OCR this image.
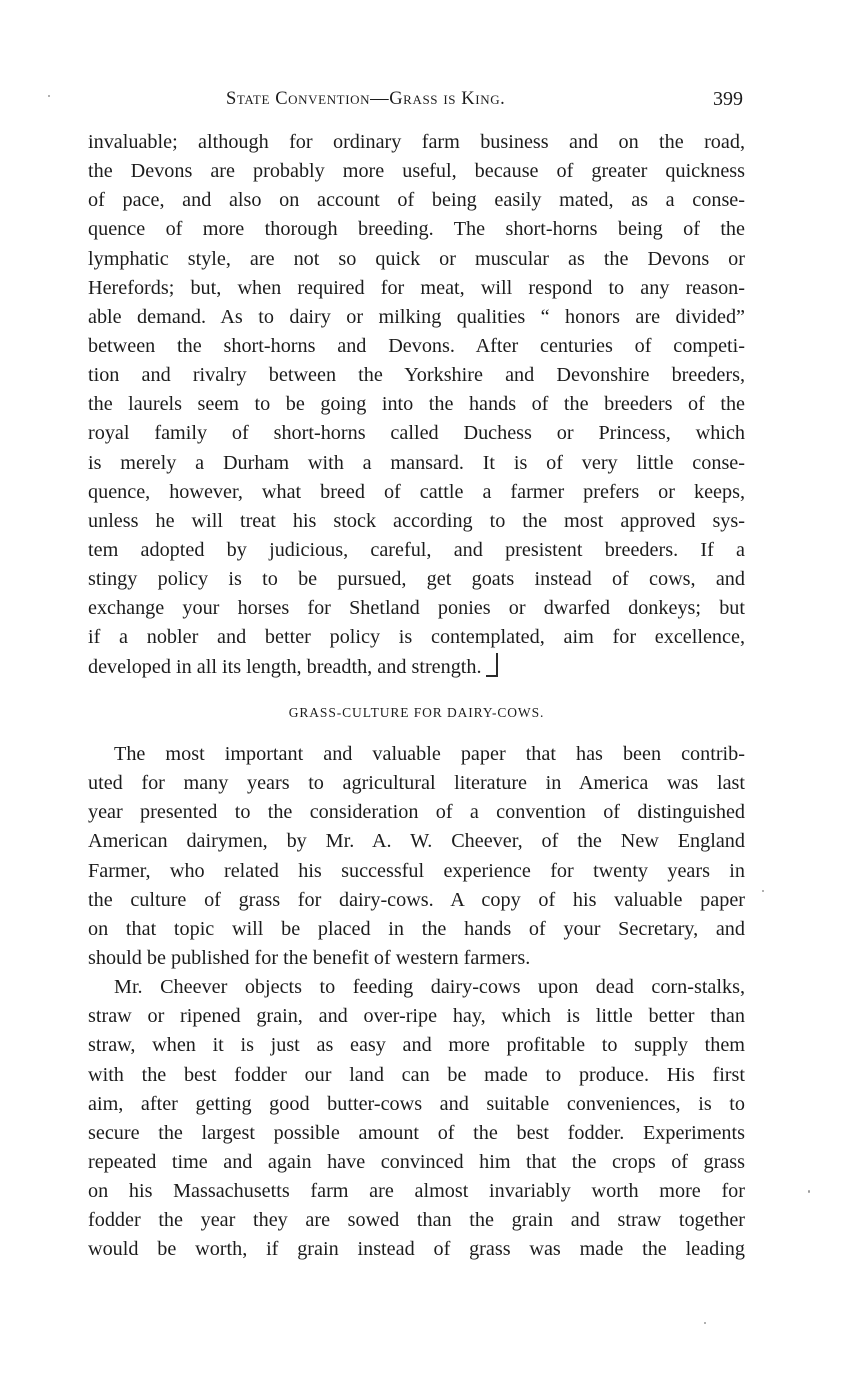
State Convention—Grass is King.	399
invaluable; although for ordinary farm business and on the road,
the Devons are probably more useful, because of greater quickness
of pace, and also on account of being easily mated, as a conse-
quence of more thorough breeding. The short-horns being of the
lymphatic style, are not so quick or muscular as the Devons or
Herefords; but, when required for meat, will respond to any reason-
able demand. As to dairy or milking qualities “ honors are divided”
between the short-horns and Devons. After centuries of competi-
tion and rivalry between the Yorkshire and Devonshire breeders,
the laurels seem to be going into the hands of the breeders of the
royal family of short-horns called Duchess or Princess, which
is merely a Durham with a mansard. It is of very little conse-
quence, however, what breed of cattle a farmer prefers or keeps,
unless he will treat his stock according to the most approved sys-
tem adopted by judicious, careful, and presistent breeders. If a
stingy policy is to be pursued, get goats instead of cows, and
exchange your horses for Shetland ponies or dwarfed donkeys; but
if a nobler and better policy is contemplated, aim for excellence,
developed in all its length, breadth, and strength.
GRASS-CULTURE FOR DAIRY-COWS.
The most important and valuable paper that has been contrib-
uted for many years to agricultural literature in America was last
year presented to the consideration of a convention of distinguished
American dairymen, by Mr. A. W. Cheever, of the New England
Farmer, who related his successful experience for twenty years in
the culture of grass for dairy-cows. A copy of his valuable paper
on that topic will be placed in the hands of your Secretary, and
should be published for the benefit of western farmers.
Mr. Cheever objects to feeding dairy-cows upon dead corn-stalks,
straw or ripened grain, and over-ripe hay, which is little better than
straw, when it is just as easy and more profitable to supply them
with the best fodder our land can be made to produce. His first
aim, after getting good butter-cows and suitable conveniences, is to
secure the largest possible amount of the best fodder. Experiments
repeated time and again have convinced him that the crops of grass
on his Massachusetts farm are almost invariably worth more for
fodder the year they are sowed than the grain and straw together
would be worth, if grain instead of grass was made the leading
